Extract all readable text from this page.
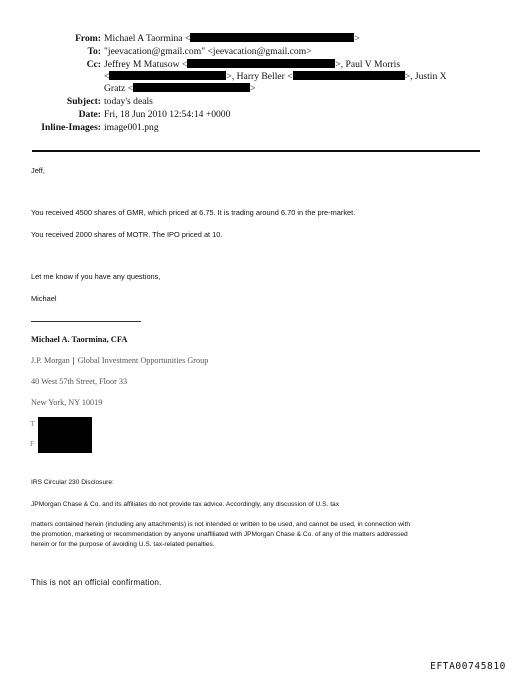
From: Michael A Taormina <	>
To: "jeevacation@gmail.com" <jeevacation@gmail.com>
Cc: Jeffrey M Matusow <	>, Paul V Morris
<	>, Harry Beller <	>, Justin X
Gratz <	>
Subject: today's deals
Date: Fri, 18 Jun 2010 12:54:14 +0000
Inline-Images: image001.png
Jeff,
You received 4500 shares of GMR, which priced at 6.75. It is trading around 6.70 in the pre-market.
You received 2000 shares of MOTR. The IPO priced at 10.
Let me know if you have any questions,
Michael
Michael A. Taormina, CFA
J.P. Morgan | Global Investment Opportunities Group
40 West 57th Street, Floor 33
New York, NY 10019
T
F
IRS Circular 230 Disclosure:
JPMorgan Chase & Co. and its affiliates do not provide tax advice. Accordingly, any discussion of U.S. tax
matters contained herein (including any attachments) is not intended or written to be used, and cannot be used, in connection with
the promotion, marketing or recommendation by anyone unaffiliated with JPMorgan Chase & Co. of any of the matters addressed
herein or for the purpose of avoiding U.S. tax-related penalties.
This is not an official confirmation.
EFTA00745810
